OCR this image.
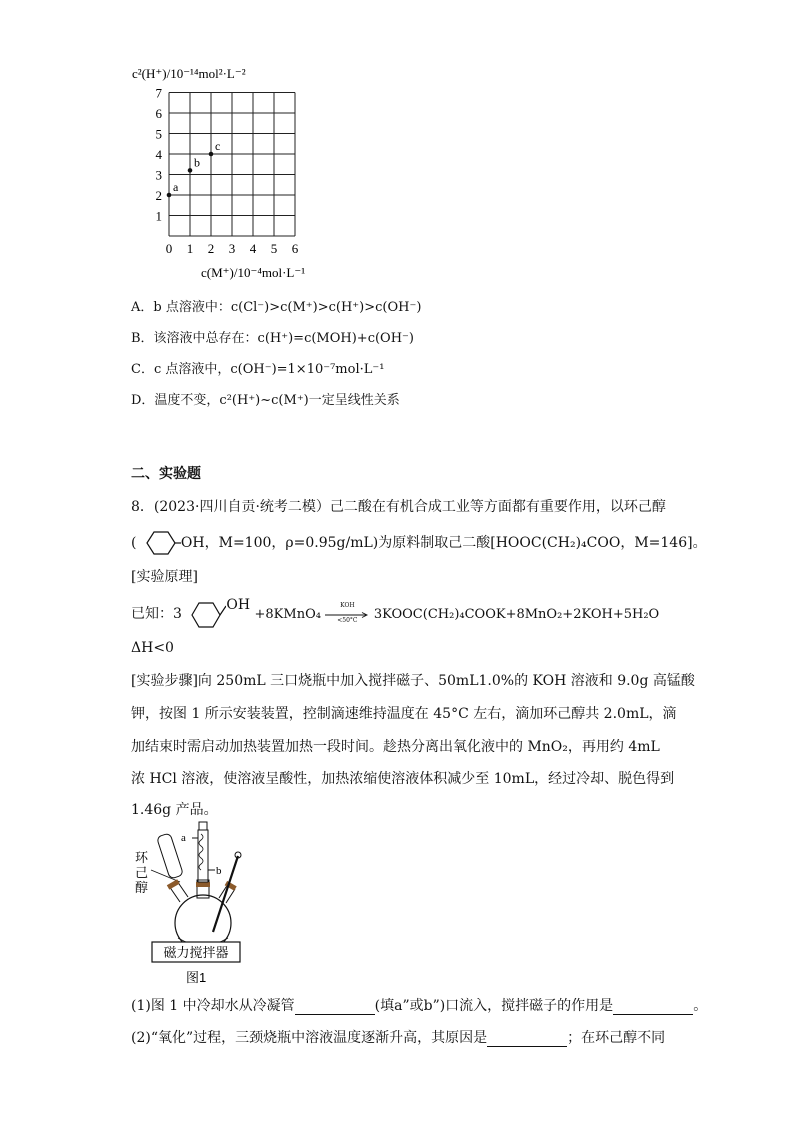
c²(H⁺)/10⁻¹⁴mol²·L⁻²
1
2
3
4
5
6
7
0 1 2 3 4 5 6
a
b
c
c(M⁺)/10⁻⁴mol·L⁻¹
A．b 点溶液中：c(Cl⁻)>c(M⁺)>c(H⁺)>c(OH⁻)
B．该溶液中总存在：c(H⁺)=c(MOH)+c(OH⁻)
C．c 点溶液中，c(OH⁻)=1×10⁻⁷mol·L⁻¹
D．温度不变，c²(H⁺)~c(M⁺)一定呈线性关系
二、实验题
8．(2023·四川自贡·统考二模）己二酸在有机合成工业等方面都有重要作用，以环己醇
(	OH，M=100，ρ=0.95g/mL)为原料制取己二酸[HOOC(CH₂)₄COO，M=146]。
[实验原理]
已知：3 OH +8KMnO₄
KOH
<50°C	3KOOC(CH₂)₄COOK+8MnO₂+2KOH+5H₂O
ΔH<0
[实验步骤]向 250mL 三口烧瓶中加入搅拌磁子、50mL1.0%的 KOH 溶液和 9.0g 高锰酸
钾，按图 1 所示安装装置，控制滴速维持温度在 45°C 左右，滴加环己醇共 2.0mL，滴
加结束时需启动加热装置加热一段时间。趁热分离出氧化液中的 MnO₂，再用约 4mL
浓 HCl 溶液，使溶液呈酸性，加热浓缩使溶液体积减少至 10mL，经过冷却、脱色得到
1.46g 产品。
环
己
醇
a
b
磁力搅拌器
图1
(1)图 1 中冷却水从冷凝管	(填a”或b”)口流入，搅拌磁子的作用是	。
(2)“氧化”过程，三颈烧瓶中溶液温度逐渐升高，其原因是	；在环己醇不同
